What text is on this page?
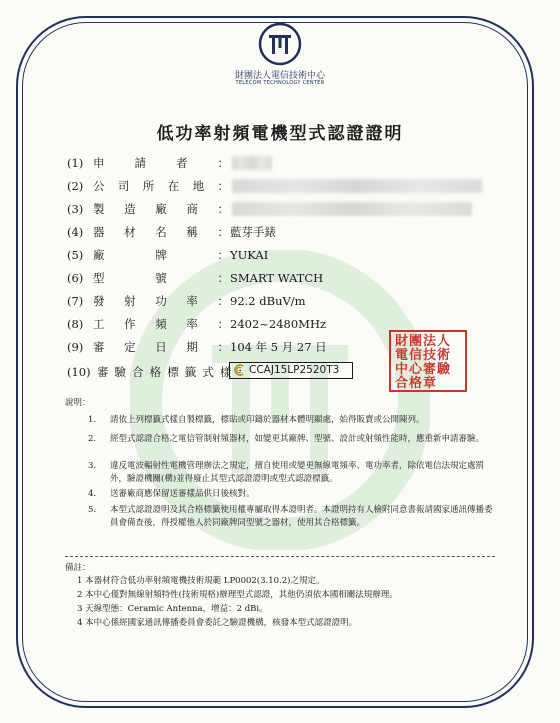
財團法人電信技術中心
TELECOM TECHNOLOGY CENTER
低功率射頻電機型式認證證明
(1) 申請者：
(2) 公司所在地：
(3) 製造廠商：
(4) 器材名稱： 藍芽手錶
(5) 廠牌： YUKAI
(6) 型號： SMART WATCH
(7) 發射功率： 92.2 dBuV/m
(8) 工作頻率： 2402~2480MHz
(9) 審定日期： 104 年 5 月 27 日
(10) 審驗合格標籤式樣： CCAJ15LP2520T3
財團法人電信技術中心審驗合格章
說明：
1.	請依上列標籤式樣自製標籤，標貼或印鑄於器材本體明顯處，始得販賣或公開陳列。
2.	經型式認證合格之電信管制射頻器材，如變更其廠牌、型號、設計或射頻性能時，應重新申請審驗。
3.	違反電波輻射性電機管理辦法之規定，擅自使用或變更無線電頻率、電功率者，除依電信法規定處罰外，驗證機關(構)並得廢止其型式認證證明或型式認證標籤。
4.	送審廠商應保留送審樣品供日後核對。
5.	本型式認證證明及其合格標籤使用權專屬取得本證明者。本證明持有人檢附同意書報請國家通訊傳播委員會備查後，得授權他人於同廠牌同型號之器材，使用其合格標籤。
備註：
1 本器材符合低功率射頻電機技術規範 LP0002(3.10.2)之規定。
2 本中心僅對無線射頻特性(技術規格)辦理型式認證，其他仍須依本國相關法規辦理。
3 天線型態：Ceramic Antenna，增益：2 dBi。
4 本中心係經國家通訊傳播委員會委託之驗證機構，核發本型式認證證明。
